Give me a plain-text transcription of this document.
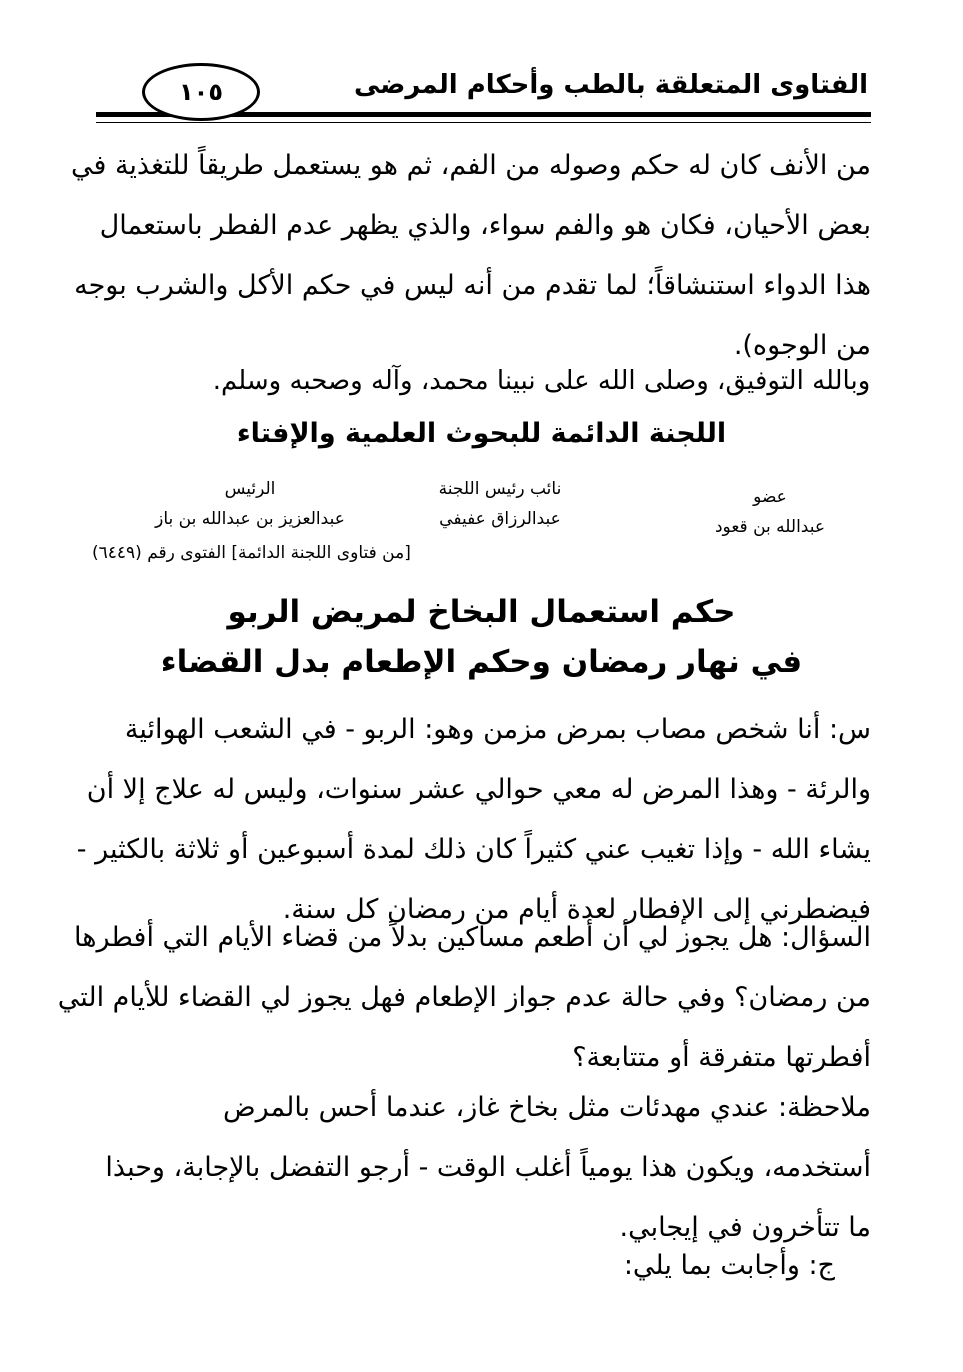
الفتاوى المتعلقة بالطب وأحكام المرضى
١٠٥
من الأنف كان له حكم وصوله من الفم، ثم هو يستعمل طريقاً للتغذية في
بعض الأحيان، فكان هو والفم سواء، والذي يظهر عدم الفطر باستعمال
هذا الدواء استنشاقاً؛ لما تقدم من أنه ليس في حكم الأكل والشرب بوجه
من الوجوه).
وبالله التوفيق، وصلى الله على نبينا محمد، وآله وصحبه وسلم.
اللجنة الدائمة للبحوث العلمية والإفتاء
الرئيس
عبدالعزيز بن عبدالله بن باز
نائب رئيس اللجنة
عبدالرزاق عفيفي
عضو
عبدالله بن قعود
[من فتاوى اللجنة الدائمة] الفتوى رقم (٦٤٤٩)
حكم استعمال البخاخ لمريض الربو
في نهار رمضان وحكم الإطعام بدل القضاء
س: أنا شخص مصاب بمرض مزمن وهو: الربو - في الشعب الهوائية
والرئة - وهذا المرض له معي حوالي عشر سنوات، وليس له علاج إلا أن
يشاء الله - وإذا تغيب عني كثيراً كان ذلك لمدة أسبوعين أو ثلاثة بالكثير -
فيضطرني إلى الإفطار لعدة أيام من رمضان كل سنة.
السؤال: هل يجوز لي أن أطعم مساكين بدلاً من قضاء الأيام التي أفطرها
من رمضان؟ وفي حالة عدم جواز الإطعام فهل يجوز لي القضاء للأيام التي
أفطرتها متفرقة أو متتابعة؟
ملاحظة: عندي مهدئات مثل بخاخ غاز، عندما أحس بالمرض
أستخدمه، ويكون هذا يومياً أغلب الوقت - أرجو التفضل بالإجابة، وحبذا
ما تتأخرون في إيجابي.
ج: وأجابت بما يلي:
